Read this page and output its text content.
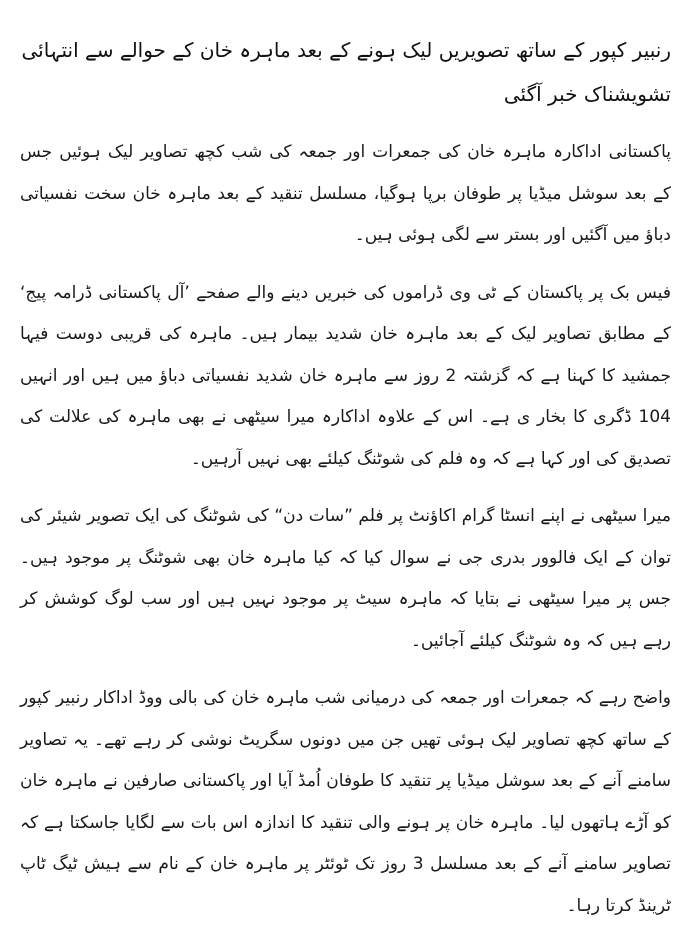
رنبیر کپور کے ساتھ تصویریں لیک ہونے کے بعد ماہرہ خان کے حوالے سے انتہائی تشویشناک خبر آگئی

پاکستانی اداکارہ ماہرہ خان کی جمعرات اور جمعہ کی شب کچھ تصاویر لیک ہوئیں جس کے بعد سوشل میڈیا پر طوفان برپا ہوگیا، مسلسل تنقید کے بعد ماہرہ خان سخت نفسیاتی دباؤ میں آگئیں اور بستر سے لگی ہوئی ہیں۔

فیس بک پر پاکستان کے ٹی وی ڈراموں کی خبریں دینے والے صفحے ’آل پاکستانی ڈرامہ پیج‘ کے مطابق تصاویر لیک کے بعد ماہرہ خان شدید بیمار ہیں۔ ماہرہ کی قریبی دوست فیہا جمشید کا کہنا ہے کہ گزشتہ 2 روز سے ماہرہ خان شدید نفسیاتی دباؤ میں ہیں اور انہیں 104 ڈگری کا بخار ی ہے۔ اس کے علاوہ اداکارہ میرا سیٹھی نے بھی ماہرہ کی علالت کی تصدیق کی اور کہا ہے کہ وہ فلم کی شوٹنگ کیلئے بھی نہیں آرہیں۔

میرا سیٹھی نے اپنے انسٹا گرام اکاؤنٹ پر فلم ”سات دن“ کی شوٹنگ کی ایک تصویر شیئر کی توان کے ایک فالوور بدری جی نے سوال کیا کہ کیا ماہرہ خان بھی شوٹنگ پر موجود ہیں۔ جس پر میرا سیٹھی نے بتایا کہ ماہرہ سیٹ پر موجود نہیں ہیں اور سب لوگ کوشش کر رہے ہیں کہ وہ شوٹنگ کیلئے آجائیں۔

واضح رہے کہ جمعرات اور جمعہ کی درمیانی شب ماہرہ خان کی بالی ووڈ اداکار رنبیر کپور کے ساتھ کچھ تصاویر لیک ہوئی تھیں جن میں دونوں سگریٹ نوشی کر رہے تھے۔ یہ تصاویر سامنے آنے کے بعد سوشل میڈیا پر تنقید کا طوفان اُمڈ آیا اور پاکستانی صارفین نے ماہرہ خان کو آڑے ہاتھوں لیا۔ ماہرہ خان پر ہونے والی تنقید کا اندازہ اس بات سے لگایا جاسکتا ہے کہ تصاویر سامنے آنے کے بعد مسلسل 3 روز تک ٹوئٹر پر ماہرہ خان کے نام سے ہیش ٹیگ ٹاپ ٹرینڈ کرتا رہا۔
